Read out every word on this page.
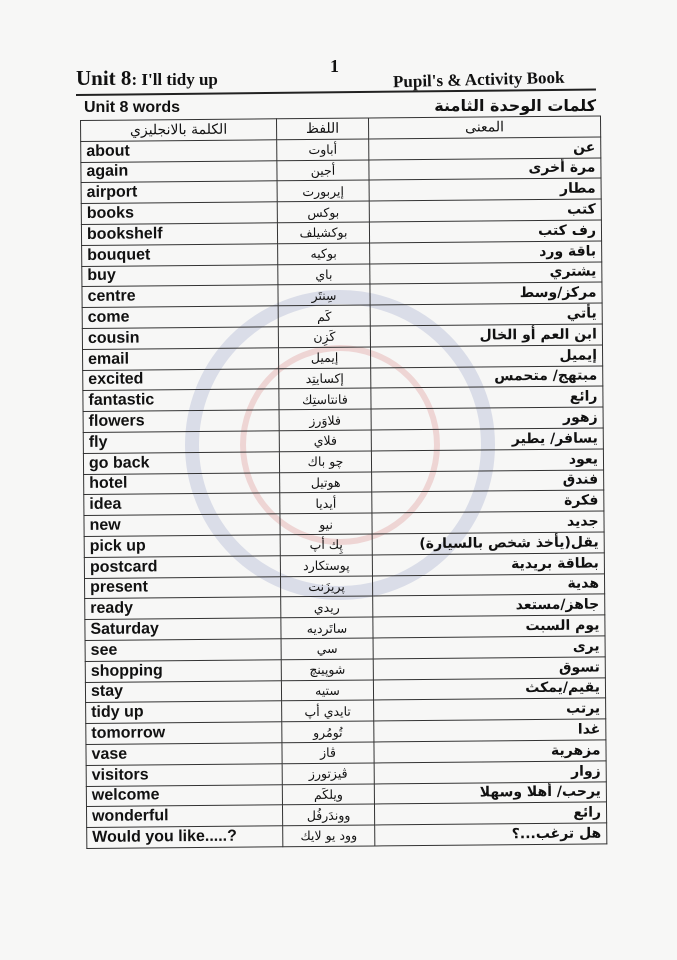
1
Unit 8: I'll tidy up	Pupil's & Activity Book
Unit 8 words	كلمات الوحدة الثامنة
الكلمة بالانجليزي	اللفظ	المعنى
about	أباوت	عن
again	أجين	مرة أخرى
airport	إيربورت	مطار
books	بوكس	كتب
bookshelf	بوكشيلف	رف كتب
bouquet	بوكيه	باقة ورد
buy	باي	يشتري
centre	سِنتَر	مركز/وسط
come	كَم	يأتي
cousin	كَزِن	ابن العم أو الخال
email	إيميل	إيميل
excited	إكسايتِد	مبتهج/ متحمس
fantastic	فانتاستِك	رائع
flowers	فلاوَرز	زهور
fly	فلاي	يسافر/ يطير
go back	چو باك	يعود
hotel	هوتيل	فندق
idea	أيديا	فكرة
new	نيو	جديد
pick up	پِك أپ	يقل(يأخذ شخص بالسيارة)
postcard	پوستكارد	بطاقة بريدية
present	پريزَنت	هدية
ready	ريدي	جاهز/مستعد
Saturday	ساتَرديه	يوم السبت
see	سي	يرى
shopping	شوپينچ	تسوق
stay	ستيه	يقيم/يمكث
tidy up	تايدي أپ	يرتب
tomorrow	تُومُرو	غدا
vase	ڤاز	مزهرية
visitors	ڤيزتورز	زوار
welcome	ويلكَم	يرحب/ أهلا وسهلا
wonderful	ووندَرفُل	رائع
Would you like.....?	وود يو لايك	هل ترغب...؟
